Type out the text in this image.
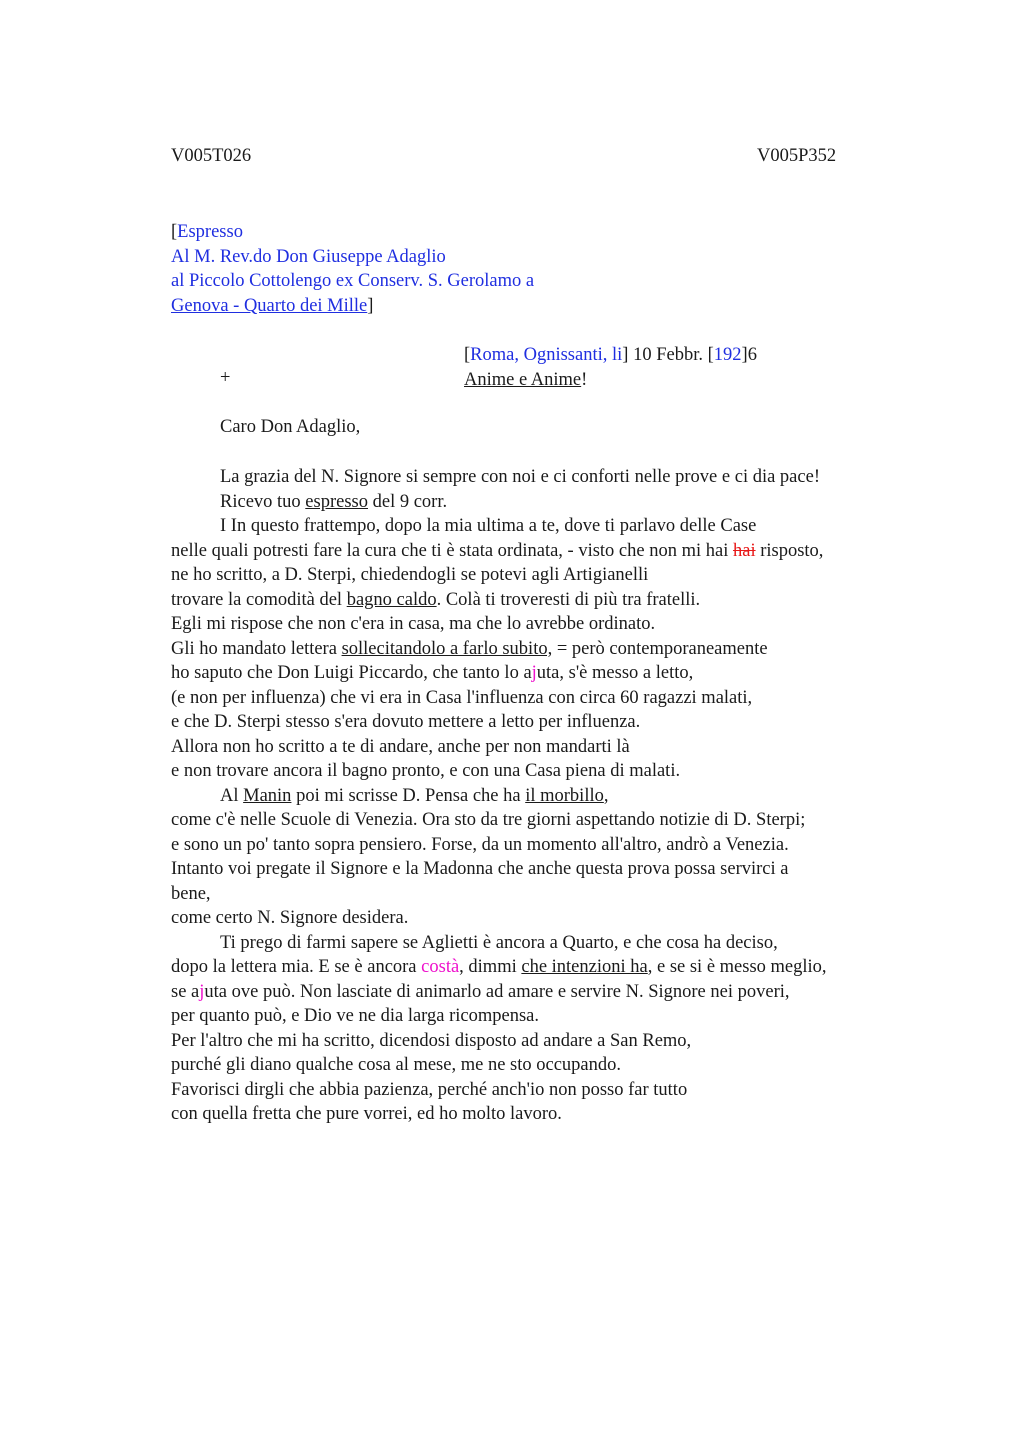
V005T026	V005P352
[Espresso
Al M. Rev.do Don Giuseppe Adaglio
al Piccolo Cottolengo ex Conserv. S. Gerolamo a
Genova - Quarto dei Mille]
[Roma, Ognissanti, li] 10 Febbr. [192]6
Anime e Anime!
+
Caro Don Adaglio,
La grazia del N. Signore si sempre con noi e ci conforti nelle prove e ci dia pace!
Ricevo tuo espresso del 9 corr.
I In questo frattempo, dopo la mia ultima a te, dove ti parlavo delle Case
nelle quali potresti fare la cura che ti è stata ordinata, - visto che non mi hai hai risposto,
ne ho scritto, a D. Sterpi, chiedendogli se potevi agli Artigianelli
trovare la comodità del bagno caldo. Colà ti troveresti di più tra fratelli.
Egli mi rispose che non c'era in casa, ma che lo avrebbe ordinato.
Gli ho mandato lettera sollecitandolo a farlo subito, = però contemporaneamente
ho saputo che Don Luigi Piccardo, che tanto lo ajuta, s'è messo a letto,
(e non per influenza) che vi era in Casa l'influenza con circa 60 ragazzi malati,
e che D. Sterpi stesso s'era dovuto mettere a letto per influenza.
Allora non ho scritto a te di andare, anche per non mandarti là
e non trovare ancora il bagno pronto, e con una Casa piena di malati.
Al Manin poi mi scrisse D. Pensa che ha il morbillo,
come c'è nelle Scuole di Venezia. Ora sto da tre giorni aspettando notizie di D. Sterpi;
e sono un po' tanto sopra pensiero. Forse, da un momento all'altro, andrò a Venezia.
Intanto voi pregate il Signore e la Madonna che anche questa prova possa servirci a
bene,
come certo N. Signore desidera.
Ti prego di farmi sapere se Aglietti è ancora a Quarto, e che cosa ha deciso,
dopo la lettera mia. E se è ancora costà, dimmi che intenzioni ha, e se si è messo meglio,
se ajuta ove può. Non lasciate di animarlo ad amare e servire N. Signore nei poveri,
per quanto può, e Dio ve ne dia larga ricompensa.
Per l'altro che mi ha scritto, dicendosi disposto ad andare a San Remo,
purché gli diano qualche cosa al mese, me ne sto occupando.
Favorisci dirgli che abbia pazienza, perché anch'io non posso far tutto
con quella fretta che pure vorrei, ed ho molto lavoro.
